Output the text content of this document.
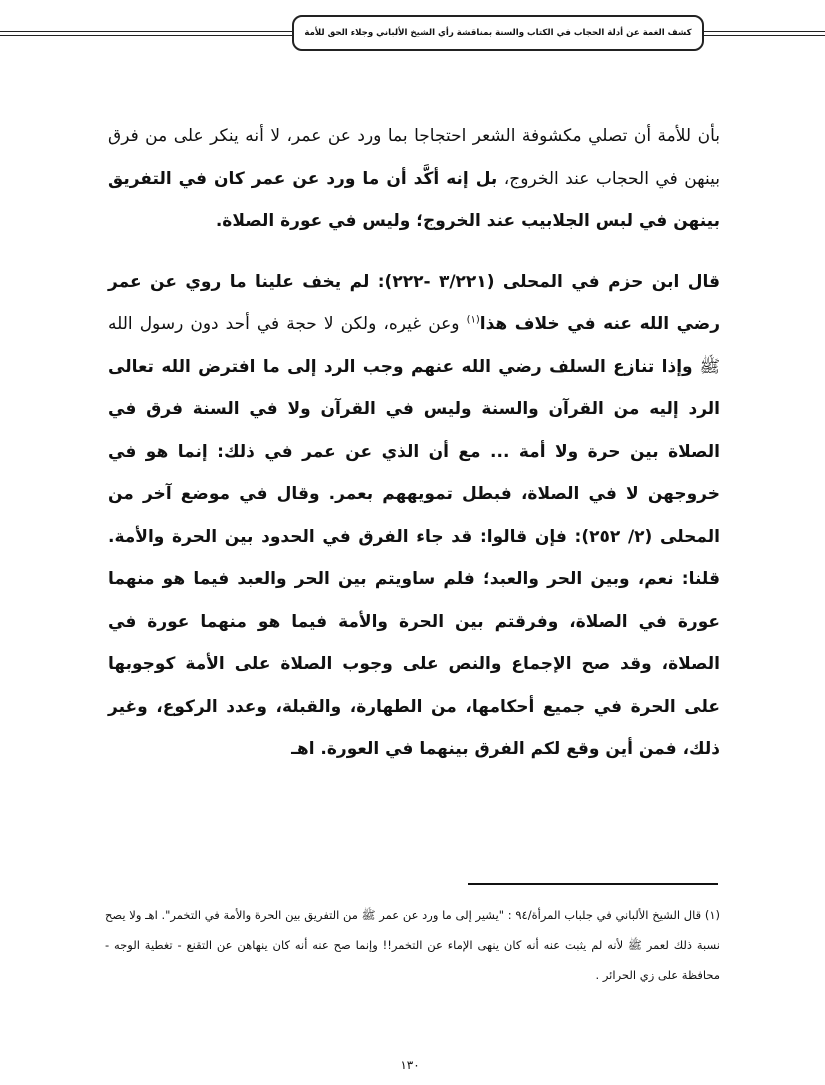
كشف الغمة عن أدلة الحجاب في الكتاب والسنة بمناقشة رأي الشيخ الألباني وجلاء الحق للأمة

بأن للأمة أن تصلي مكشوفة الشعر احتجاجا بما ورد عن عمر، لا أنه ينكر على من فرق بينهن في الحجاب عند الخروج، بل إنه أكَّد أن ما ورد عن عمر كان في التفريق بينهن في لبس الجلابيب عند الخروج؛ وليس في عورة الصلاة.

قال ابن حزم في المحلى (٣/٢٢١ -٢٢٢): لم يخف علينا ما روي عن عمر رضي الله عنه في خلاف هذا$^{(١)}$ وعن غيره، ولكن لا حجة في أحد دون رسول الله ﷺ وإذا تنازع السلف رضي الله عنهم وجب الرد إلى ما افترض الله تعالى الرد إليه من القرآن والسنة وليس في القرآن ولا في السنة فرق في الصلاة بين حرة ولا أمة ... مع أن الذي عن عمر في ذلك: إنما هو في خروجهن لا في الصلاة، فبطل تمويههم بعمر. وقال في موضع آخر من المحلى (٢/ ٢٥٢): فإن قالوا: قد جاء الفرق في الحدود بين الحرة والأمة. قلنا: نعم، وبين الحر والعبد؛ فلم ساويتم بين الحر والعبد فيما هو منهما عورة في الصلاة، وفرقتم بين الحرة والأمة فيما هو منهما عورة في الصلاة، وقد صح الإجماع والنص على وجوب الصلاة على الأمة كوجوبها على الحرة في جميع أحكامها، من الطهارة، والقبلة، وعدد الركوع، وغير ذلك، فمن أين وقع لكم الفرق بينهما في العورة. اهـ

(١) قال الشيخ الألباني في جلباب المرأة/٩٤ : "يشير إلى ما ورد عن عمر ﷺ من التفريق بين الحرة والأمة في التخمر". اهـ ولا يصح نسبة ذلك لعمر ﷺ لأنه لم يثبت عنه أنه كان ينهى الإماء عن التخمر!! وإنما صح عنه أنه كان ينهاهن عن التقنع - تغطية الوجه - محافظة على زي الحرائر .

١٣٠
